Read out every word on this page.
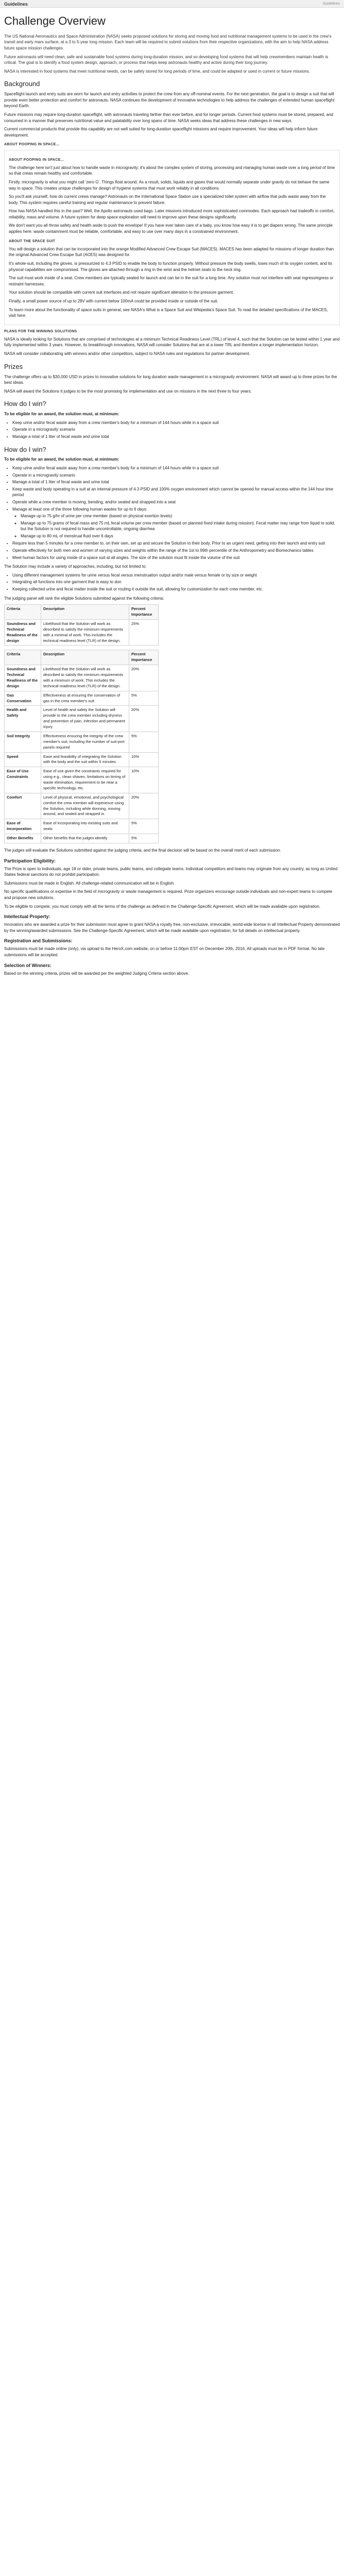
Guidelines	Guidelines
Challenge Overview

The US National Aeronautics and Space Administration (NASA) seeks proposed solutions for storing and moving food and nutritional management systems to be used in the crew's transit and early mars surface, at a 3 to 5-year long mission. Each team will be required to submit solutions from their respective organizations, with the aim to help NASA address future space mission challenges.

Future astronauts will need clean, safe and sustainable food systems during long-duration mission, and so developing food systems that will help crewmembers maintain health is critical. The goal is to identify a food system design, approach, or process that helps keep astronauts healthy and active during their long journey.

NASA is interested in food systems that meet nutritional needs, can be safely stored for long periods of time, and could be adapted or used in current or future missions.

Background

Spaceflight launch and entry suits are worn for launch and entry activities to protect the crew from any off-nominal events. For the next generation, the goal is to design a suit that will provide even better protection and comfort for astronauts. NASA continues the development of innovative technologies to help address the challenges of extended human spaceflight beyond Earth.

Future missions may require long-duration spaceflight, with astronauts traveling farther than ever before, and for longer periods. Current food systems must be stored, prepared, and consumed in a manner that preserves nutritional value and palatability over long spans of time. NASA seeks ideas that address these challenges in new ways.

Current commercial products that provide this capability are not well suited for long-duration spaceflight missions and require improvement. Your ideas will help inform future development.

ABOUT POOPING IN SPACE...
ABOUT POOPING IN SPACE...

The challenge here isn't just about how to handle waste in microgravity; it's about the complex system of storing, processing and managing human waste over a long period of time so that crews remain healthy and comfortable.

Firstly, microgravity is what you might call 'zero G'. Things float around. As a result, solids, liquids and gases that would normally separate under gravity do not behave the same way in space. This creates unique challenges for design of hygiene systems that must work reliably in all conditions.

So you'll ask yourself, how do current crews manage? Astronauts on the International Space Station use a specialized toilet system with airflow that pulls waste away from the body. This system requires careful training and regular maintenance to prevent failure.

How has NASA handled this in the past? Well, the Apollo astronauts used bags. Later missions introduced more sophisticated commodes. Each approach had tradeoffs in comfort, reliability, mass and volume. A future system for deep space exploration will need to improve upon these designs significantly.

We don't want you all throw safety and health aside to push the envelope! If you have ever taken care of a baby, you know how easy it is to get diapers wrong. The same principle applies here: waste containment must be reliable, comfortable, and easy to use over many days in a constrained environment.

ABOUT THE SPACE SUIT

You will design a solution that can be incorporated into the orange Modified Advanced Crew Escape Suit (MACES). MACES has been adapted for missions of longer duration than the original Advanced Crew Escape Suit (ACES) was designed for.

It's whole-suit, including the gloves, is pressurized to 4.3 PSID to enable the body to function properly. Without pressure the body swells, loses much of its oxygen content, and its physical capabilities are compromised. The gloves are attached through a ring in the wrist and the helmet seals to the neck ring.

The suit must work inside of a seat. Crew members are typically seated for launch and can be in the suit for a long time. Any solution must not interfere with seat ingress/egress or restraint harnesses.

Your solution should be compatible with current suit interfaces and not require significant alteration to the pressure garment.

Finally, a small power source of up to 28V with current below 100mA could be provided inside or outside of the suit.

To learn more about the functionality of space suits in general, see NASA's What is a Space Suit and Wikipedia's Space Suit. To read the detailed specifications of the MACES, visit here.

PLANS FOR THE WINNING SOLUTIONS

NASA is ideally looking for Solutions that are comprised of technologies at a minimum Technical Readiness Level (TRL) of level 4, such that the Solution can be tested within 1 year and fully implemented within 3 years. However, its breakthrough innovations, NASA will consider Solutions that are at a lower TRL and therefore a longer implementation horizon.

NASA will consider collaborating with winners and/or other competitors, subject to NASA rules and regulations for partner development.

Prizes

The challenge offers up to $30,000 USD in prizes to innovative solutions for long duration waste management in a microgravity environment. NASA will award up to three prizes for the best ideas.

NASA will award the Solutions it judges to be the most promising for implementation and use on missions in the next three to four years.

How do I win?

To be eligible for an award, the solution must, at minimum:

• Keep urine and/or fecal waste away from a crew member's body for a minimum of 144 hours while in a space suit
• Operate in a microgravity scenario
• Manage a total of 1 liter of fecal waste and urine total
How do I win?

To be eligible for an award, the solution must, at minimum:

• Keep urine and/or fecal waste away from a crew member's body for a minimum of 144 hours while in a space suit
• Operate in a microgravity scenario
• Manage a total of 1 liter of fecal waste and urine total
• Keep waste and body operating in a suit at an internal pressure of 4.3 PSID and 100% oxygen environment which cannot be opened for manual access within the 144 hour time period
• Operate while a crew member is moving, bending, and/or seated and strapped into a seat
• Manage at least one of the three following human wastes for up to 6 days:
◦ Manage up to 75 g/hr of urine per crew member (based on physical exertion levels)
◦ Manage up to 75 grams of fecal mass and 75 mL fecal volume per crew member (based on planned fixed intake during mission). Fecal matter may range from liquid to solid, but the Solution is not required to handle uncontrollable, ongoing diarrhea
◦ Manage up to 80 mL of menstrual fluid over 6 days
• Require less than 5 minutes for a crew member to, on their own, set up and secure the Solution to their body. Prior to an urgent need, getting into their launch and entry suit
• Operate effectively for both men and women of varying sizes and weights within the range of the 1st to 99th percentile of the Anthropometry and Biomechanics tables
• Meet human factors for using inside of a space suit at all angles. The size of the solution must fit inside the volume of the suit

The Solution may include a variety of approaches, including, but not limited to:

• Using different management systems for urine versus fecal versus menstruation output and/or male versus female or by size or weight
• Integrating all functions into one garment that is easy to don
• Keeping collected urine and fecal matter inside the suit or routing it outside the suit, allowing for customization for each crew member, etc.

The judging panel will rank the eligible Solutions submitted against the following criteria:

Criteria	Description	Percent Importance
Soundness and Technical Readiness of the design	Likelihood that the Solution will work as described to satisfy the minimum requirements with a minimal of work. This includes the technical readiness level (TLR) of the design.	25%
Criteria	Description	Percent Importance
Soundness and Technical Readiness of the design	Likelihood that the Solution will work as described to satisfy the minimum requirements with a minimum of work. This includes the technical readiness level (TLR) of the design.	20%
Gas Conservation	Effectiveness at ensuring the conservation of gas in the crew member's suit	5%
Health and Safety	Level of health and safety the Solution will provide to the crew member including dryness and prevention of pain, infection and permanent injury	20%
Soil Integrity	Effectiveness ensuring the integrity of the crew member's suit, including the number of suit-port panels required	5%
Speed	Ease and feasibility of integrating the Solution with the body and the suit within 5 minutes	10%
Ease of Use Constraints	Ease of use given the constraints required for using e.g., clean shaven, limitations on timing of waste elimination, requirement to be near a specific technology, etc.	10%
Comfort	Level of physical, emotional, and psychological comfort the crew member will experience using the Solution, including while donning, moving around, and seated and strapped in	20%
Ease of Incorporation	Ease of incorporating into existing suits and seats	5%
Other Benefits	Other benefits that the judges identify	5%

The judges will evaluate the Solutions submitted against the judging criteria, and the final decision will be based on the overall merit of each submission.

Participation Eligibility:

The Prize is open to individuals, age 18 or older, private teams, public teams, and collegiate teams. Individual competitors and teams may originate from any country, as long as United States federal sanctions do not prohibit participation.

Submissions must be made in English. All challenge-related communication will be in English.

No specific qualifications or expertise in the field of microgravity or waste management is required. Prize organizers encourage outside individuals and non-expert teams to compete and propose new solutions.

To be eligible to compete, you must comply with all the terms of the challenge as defined in the Challenge-Specific Agreement, which will be made available upon registration.

Intellectual Property:

Innovators who are awarded a prize for their submission must agree to grant NASA a royalty free, non-exclusive, irrevocable, world-wide license in all Intellectual Property demonstrated by the winning/awarded submissions. See the Challenge-Specific Agreement, which will be made available upon registration, for full details on intellectual property.

Registration and Submissions:

Submissions must be made online (only), via upload to the HeroX.com website, on or before 11:00pm EST on December 20th, 2016. All uploads must be in PDF format. No late submissions will be accepted.

Selection of Winners:

Based on the winning criteria, prizes will be awarded per the weighted Judging Criteria section above.
